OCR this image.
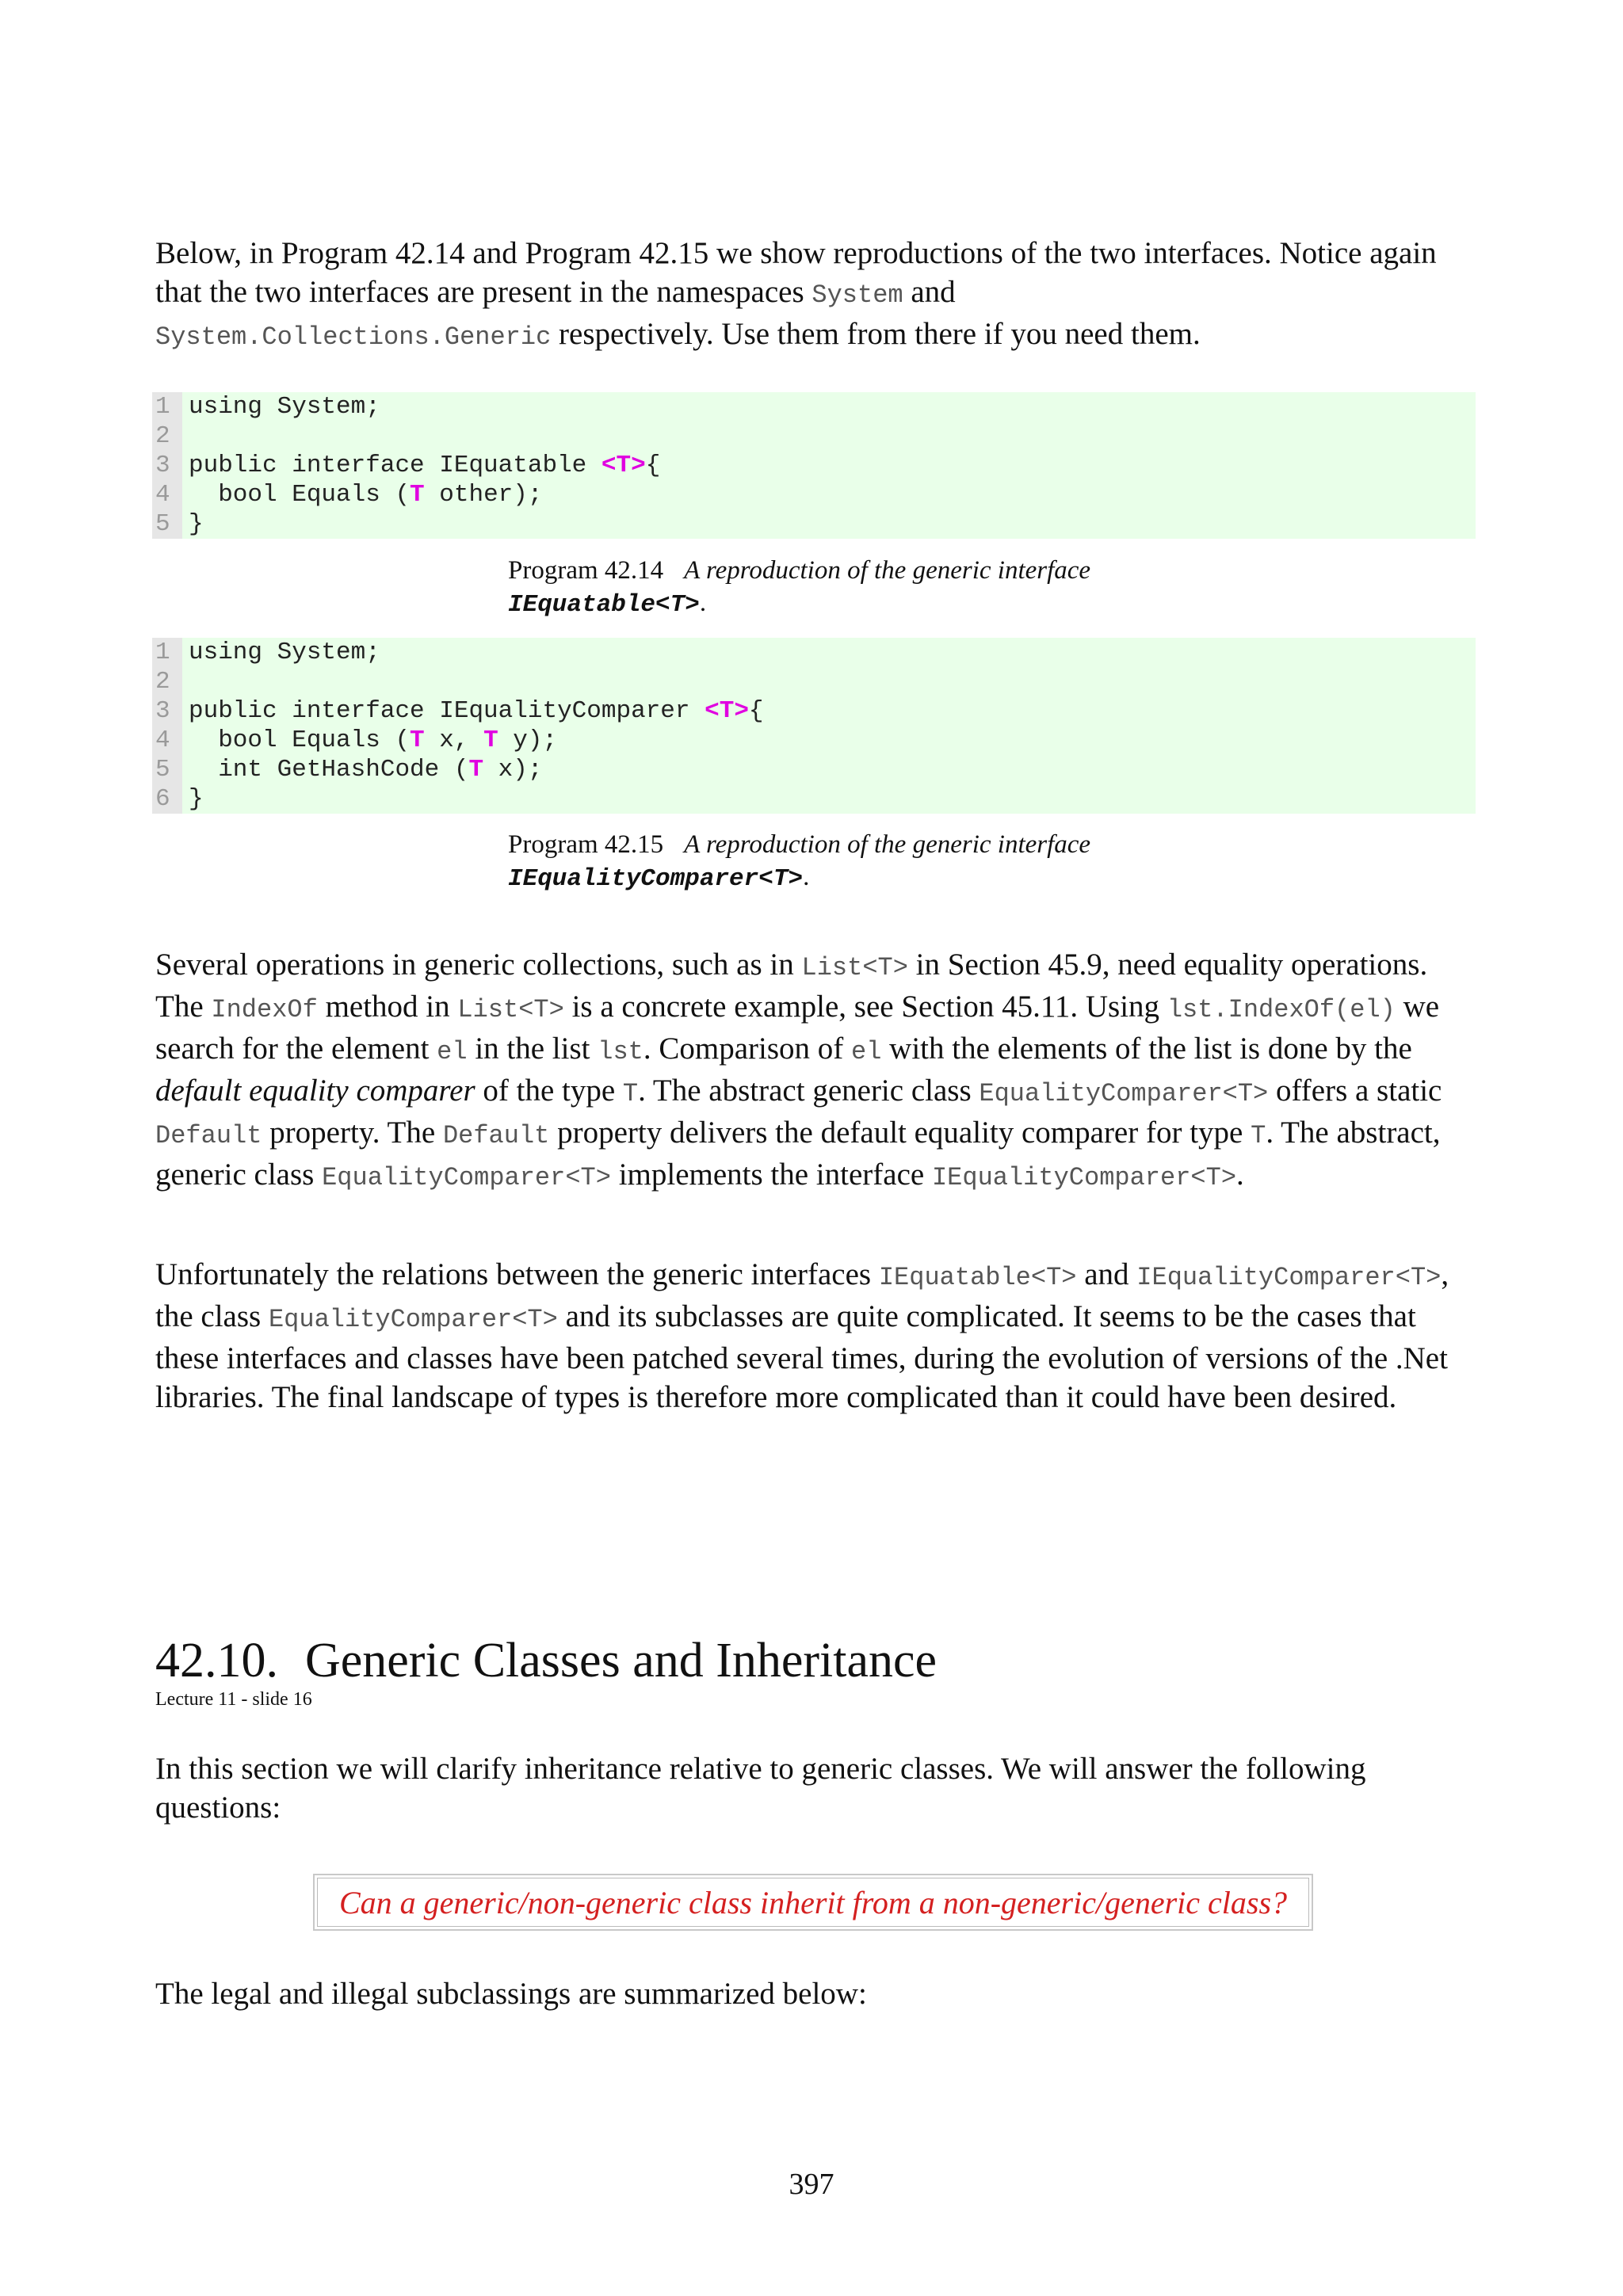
Below, in Program 42.14 and Program 42.15 we show reproductions of the two interfaces. Notice again that the two interfaces are present in the namespaces System and
System.Collections.Generic respectively. Use them from there if you need them.

1 using System;
2
3 public interface IEquatable <T> {
4 bool Equals ( T other);
5 }
Program 42.14 A reproduction of the generic interface
IEquatable<T>.
1 using System;
2
3 public interface IEqualityComparer <T> {
4 bool Equals ( T x, T y);
5 int GetHashCode ( T x);
6 }
Program 42.15 A reproduction of the generic interface
IEqualityComparer<T>.

Several operations in generic collections, such as in List<T> in Section 45.9, need equality operations. The IndexOf method in List<T> is a concrete example, see Section 45.11. Using lst.IndexOf(el) we search for the element el in the list lst. Comparison of el with the elements of the list is done by the default equality comparer of the type T. The abstract generic class EqualityComparer<T> offers a static Default property. The Default property delivers the default equality comparer for type T. The abstract, generic class EqualityComparer<T> implements the interface IEqualityComparer<T>.

Unfortunately the relations between the generic interfaces IEquatable<T> and IEqualityComparer<T>, the class EqualityComparer<T> and its subclasses are quite complicated. It seems to be the cases that these interfaces and classes have been patched several times, during the evolution of versions of the .Net libraries. The final landscape of types is therefore more complicated than it could have been desired.

42.10. Generic Classes and Inheritance
Lecture 11 - slide 16

In this section we will clarify inheritance relative to generic classes. We will answer the following questions:

Can a generic/non-generic class inherit from a non-generic/generic class?

The legal and illegal subclassings are summarized below:

397
